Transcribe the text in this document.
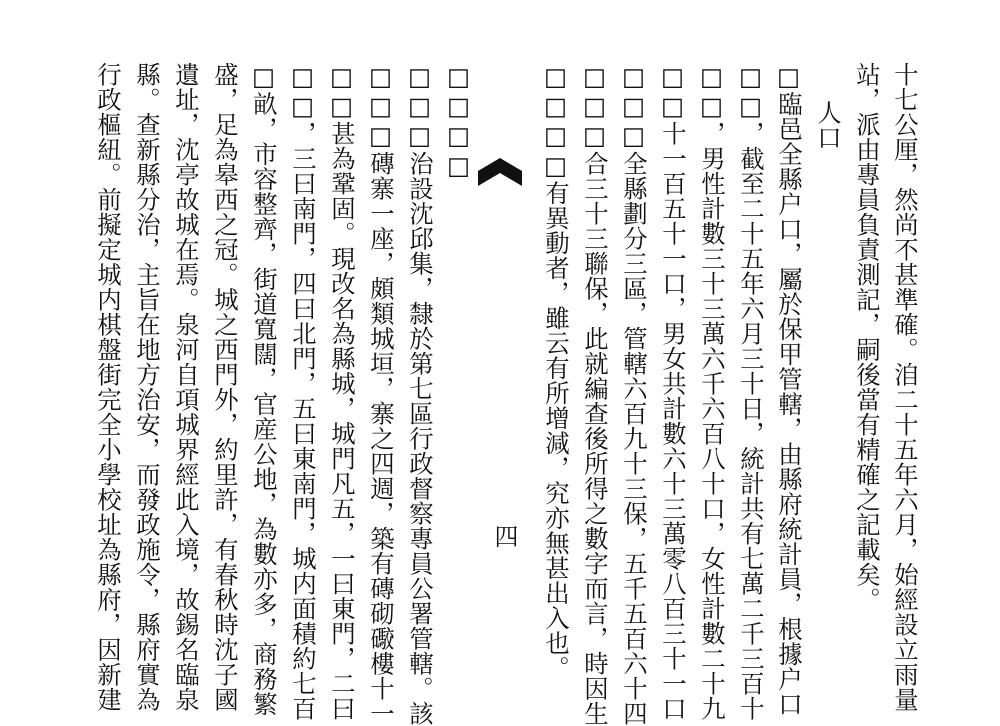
十七公厘，然尚不甚準確。洎二十五年六月，始經設立雨量
站，派由專員負責測記，嗣後當有精確之記載矣。
人口
□臨邑全縣户口，屬於保甲管轄，由縣府統計員，根據户口
□□，截至二十五年六月三十日，統計共有七萬二千三百十
□□，男性計數三十三萬六千六百八十口，女性計數二十九
□□十一百五十一口，男女共計數六十三萬零八百三十一口
□□□全縣劃分三區，管轄六百九十三保，五千五百六十四
□□□合三十三聯保，此就編查後所得之數字而言，時因生
□□□□有異動者，雖云有所增減，究亦無甚出入也。
四
□□□□
□□□治設沈邱集，隸於第七區行政督察專員公署管轄。該
□□□磚寨一座，頗類城垣，寨之四週，築有磚砌礮樓十一
□□甚為鞏固。現改名為縣城，城門凡五，一曰東門，二曰
□□，三曰南門，四曰北門，五曰東南門，城内面積約七百
□畝，市容整齊，街道寬闊，官産公地，為數亦多，商務繁
盛，足為皋西之冠。城之西門外，約里許，有春秋時沈子國
遺址，沈亭故城在焉。泉河自項城界經此入境，故錫名臨泉
縣。查新縣分治，主旨在地方治安，而發政施令，縣府實為
行政樞紐。前擬定城内棋盤街完全小學校址為縣府，因新建
